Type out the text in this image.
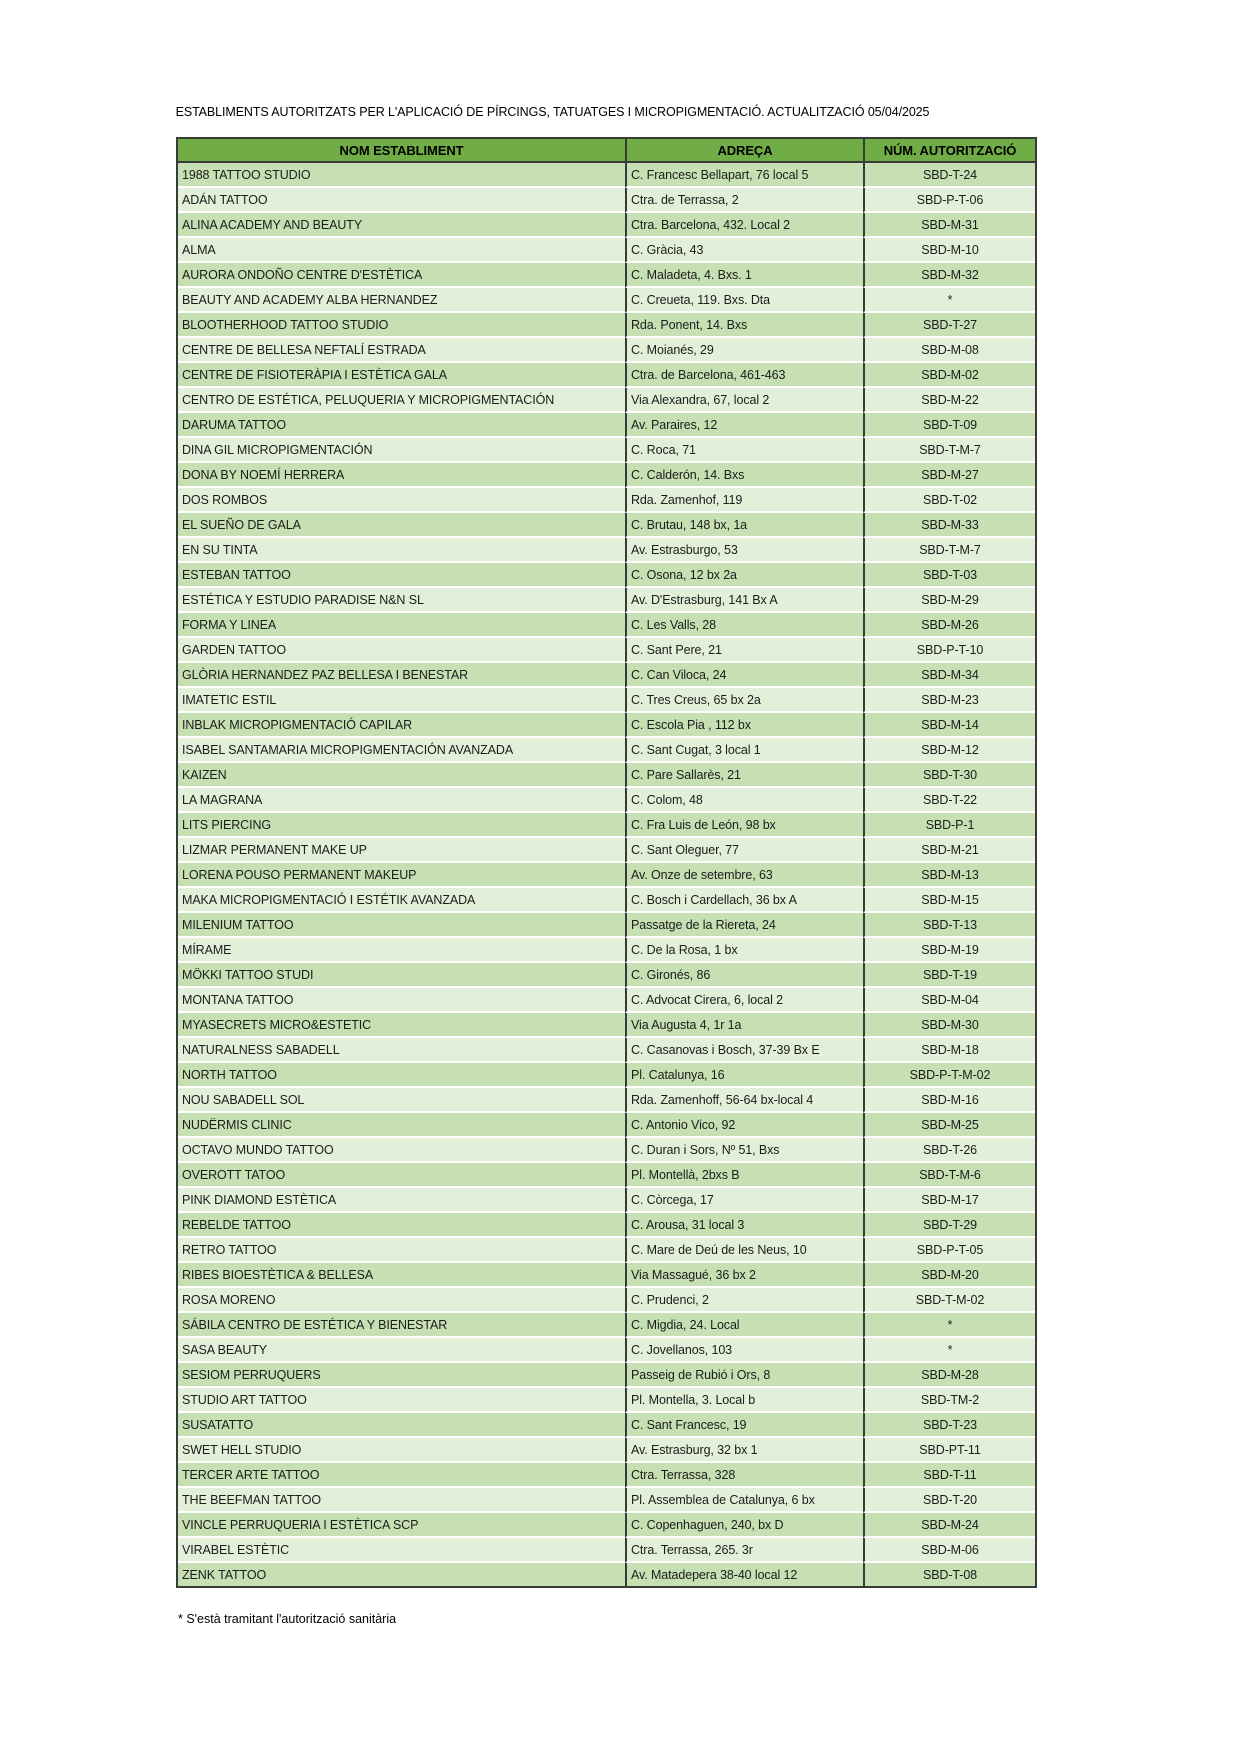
ESTABLIMENTS AUTORITZATS PER L'APLICACIÓ DE PÍRCINGS, TATUATGES I MICROPIGMENTACIÓ. ACTUALITZACIÓ 05/04/2025
NOM ESTABLIMENT	ADREÇA	NÚM. AUTORITZACIÓ
1988 TATTOO STUDIO	C. Francesc Bellapart, 76 local 5	SBD-T-24
ADÁN TATTOO	Ctra. de Terrassa, 2	SBD-P-T-06
ALINA ACADEMY AND BEAUTY	Ctra. Barcelona, 432. Local 2	SBD-M-31
ALMA	C. Gràcia, 43	SBD-M-10
AURORA ONDOÑO CENTRE D'ESTÈTICA	C. Maladeta, 4. Bxs. 1	SBD-M-32
BEAUTY AND ACADEMY ALBA HERNANDEZ	C. Creueta, 119. Bxs. Dta	*
BLOOTHERHOOD TATTOO STUDIO	Rda. Ponent, 14. Bxs	SBD-T-27
CENTRE DE BELLESA NEFTALÍ ESTRADA	C. Moianés, 29	SBD-M-08
CENTRE DE FISIOTERÀPIA I ESTÈTICA GALA	Ctra. de Barcelona, 461-463	SBD-M-02
CENTRO DE ESTÉTICA, PELUQUERIA Y MICROPIGMENTACIÓN	Via Alexandra, 67, local 2	SBD-M-22
DARUMA TATTOO	Av. Paraires, 12	SBD-T-09
DINA GIL MICROPIGMENTACIÓN	C. Roca, 71	SBD-T-M-7
DONA BY NOEMÍ HERRERA	C. Calderón, 14. Bxs	SBD-M-27
DOS ROMBOS	Rda. Zamenhof, 119	SBD-T-02
EL SUEÑO DE GALA	C. Brutau, 148 bx, 1a	SBD-M-33
EN SU TINTA	Av. Estrasburgo, 53	SBD-T-M-7
ESTEBAN TATTOO	C. Osona, 12 bx 2a	SBD-T-03
ESTÉTICA Y ESTUDIO PARADISE N&N SL	Av. D'Estrasburg, 141 Bx A	SBD-M-29
FORMA Y LINEA	C. Les Valls, 28	SBD-M-26
GARDEN TATTOO	C. Sant Pere, 21	SBD-P-T-10
GLÒRIA HERNANDEZ PAZ BELLESA I BENESTAR	C. Can Viloca, 24	SBD-M-34
IMATETIC ESTIL	C. Tres Creus, 65 bx 2a	SBD-M-23
INBLAK MICROPIGMENTACIÓ CAPILAR	C. Escola Pia , 112 bx	SBD-M-14
ISABEL SANTAMARIA MICROPIGMENTACIÓN AVANZADA	C. Sant Cugat, 3 local 1	SBD-M-12
KAIZEN	C. Pare Sallarès, 21	SBD-T-30
LA MAGRANA	C. Colom, 48	SBD-T-22
LITS PIERCING	C. Fra Luis de León, 98 bx	SBD-P-1
LIZMAR PERMANENT MAKE UP	C. Sant Oleguer, 77	SBD-M-21
LORENA POUSO PERMANENT MAKEUP	Av. Onze de setembre, 63	SBD-M-13
MAKA MICROPIGMENTACIÓ I ESTÉTIK AVANZADA	C. Bosch i Cardellach, 36 bx A	SBD-M-15
MILENIUM TATTOO	Passatge de la Riereta, 24	SBD-T-13
MÍRAME	C. De la Rosa, 1 bx	SBD-M-19
MÖKKI TATTOO STUDI	C. Gironés, 86	SBD-T-19
MONTANA TATTOO	C. Advocat Cirera, 6, local 2	SBD-M-04
MYASECRETS MICRO&ESTETIC	Via Augusta 4, 1r 1a	SBD-M-30
NATURALNESS SABADELL	C. Casanovas i Bosch, 37-39 Bx E	SBD-M-18
NORTH TATTOO	Pl. Catalunya, 16	SBD-P-T-M-02
NOU SABADELL SOL	Rda. Zamenhoff, 56-64 bx-local 4	SBD-M-16
NUDËRMIS CLINIC	C. Antonio Vico, 92	SBD-M-25
OCTAVO MUNDO TATTOO	C. Duran i Sors, Nº 51, Bxs	SBD-T-26
OVEROTT TATOO	Pl. Montellà, 2bxs B	SBD-T-M-6
PINK DIAMOND ESTÈTICA	C. Còrcega, 17	SBD-M-17
REBELDE TATTOO	C. Arousa, 31 local 3	SBD-T-29
RETRO TATTOO	C. Mare de Deú de les Neus, 10	SBD-P-T-05
RIBES BIOESTÈTICA & BELLESA	Via Massagué, 36 bx 2	SBD-M-20
ROSA MORENO	C. Prudenci, 2	SBD-T-M-02
SÁBILA CENTRO DE ESTÉTICA Y BIENESTAR	C. Migdia, 24. Local	*
SASA BEAUTY	C. Jovellanos, 103	*
SESIOM PERRUQUERS	Passeig de Rubió i Ors, 8	SBD-M-28
STUDIO ART TATTOO	Pl. Montella, 3. Local b	SBD-TM-2
SUSATATTO	C. Sant Francesc, 19	SBD-T-23
SWET HELL STUDIO	Av. Estrasburg, 32 bx 1	SBD-PT-11
TERCER ARTE TATTOO	Ctra. Terrassa, 328	SBD-T-11
THE BEEFMAN TATTOO	Pl. Assemblea de Catalunya, 6 bx	SBD-T-20
VINCLE PERRUQUERIA I ESTÈTICA SCP	C. Copenhaguen, 240, bx D	SBD-M-24
VIRABEL ESTÈTIC	Ctra. Terrassa, 265. 3r	SBD-M-06
ZENK TATTOO	Av. Matadepera 38-40 local 12	SBD-T-08
* S'està tramitant l'autorització sanitària
